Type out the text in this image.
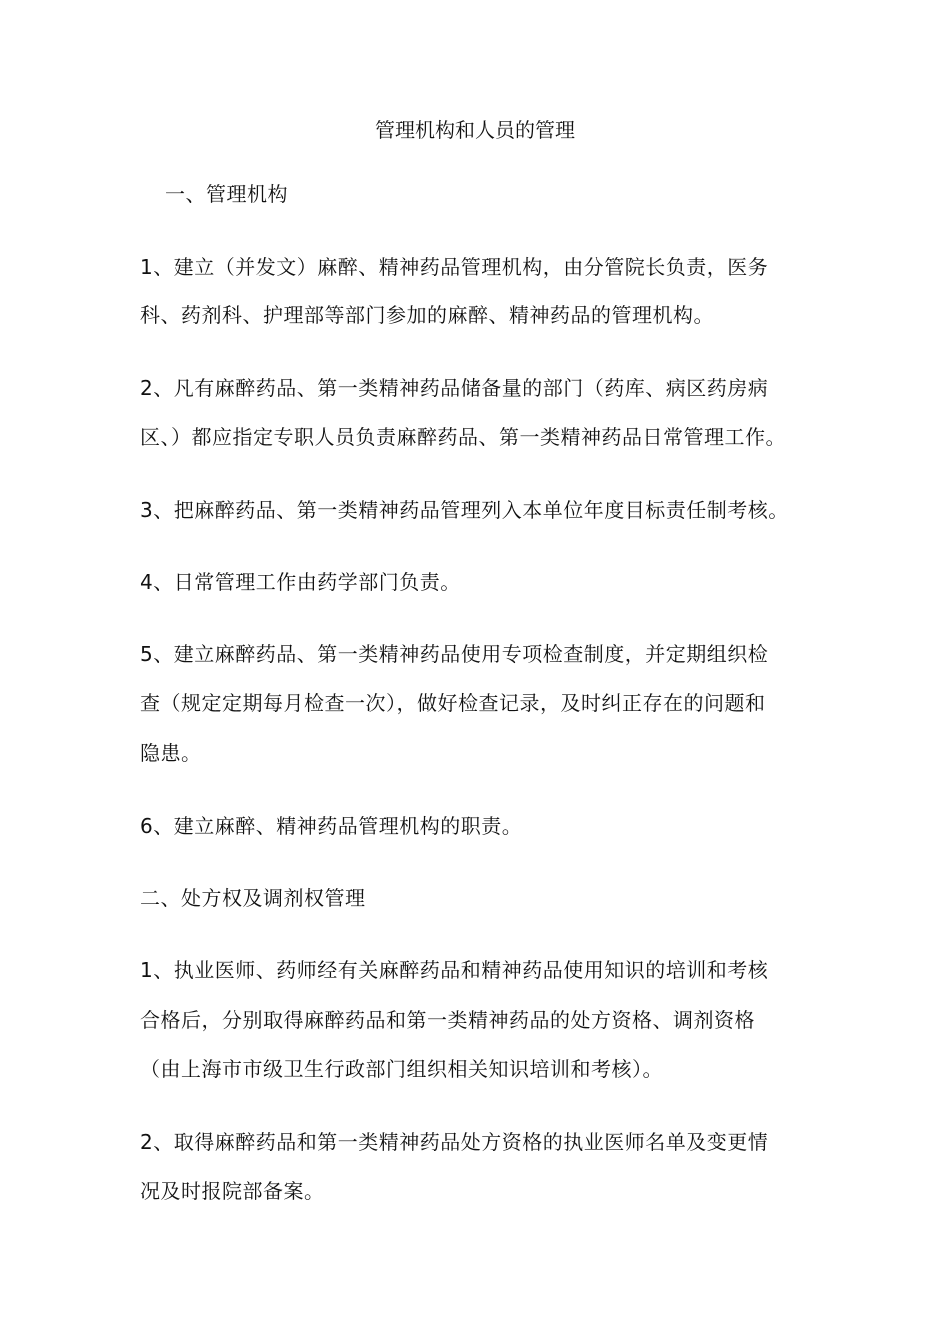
管理机构和人员的管理
一、管理机构
1、建立（并发文）麻醉、精神药品管理机构，由分管院长负责，医务
科、药剂科、护理部等部门参加的麻醉、精神药品的管理机构。
2、凡有麻醉药品、第一类精神药品储备量的部门（药库、病区药房病
区、）都应指定专职人员负责麻醉药品、第一类精神药品日常管理工作。
3、把麻醉药品、第一类精神药品管理列入本单位年度目标责任制考核。
4、日常管理工作由药学部门负责。
5、建立麻醉药品、第一类精神药品使用专项检查制度，并定期组织检
查（规定定期每月检查一次），做好检查记录，及时纠正存在的问题和
隐患。
6、建立麻醉、精神药品管理机构的职责。
二、处方权及调剂权管理
1、执业医师、药师经有关麻醉药品和精神药品使用知识的培训和考核
合格后，分别取得麻醉药品和第一类精神药品的处方资格、调剂资格
（由上海市市级卫生行政部门组织相关知识培训和考核）。
2、取得麻醉药品和第一类精神药品处方资格的执业医师名单及变更情
况及时报院部备案。
